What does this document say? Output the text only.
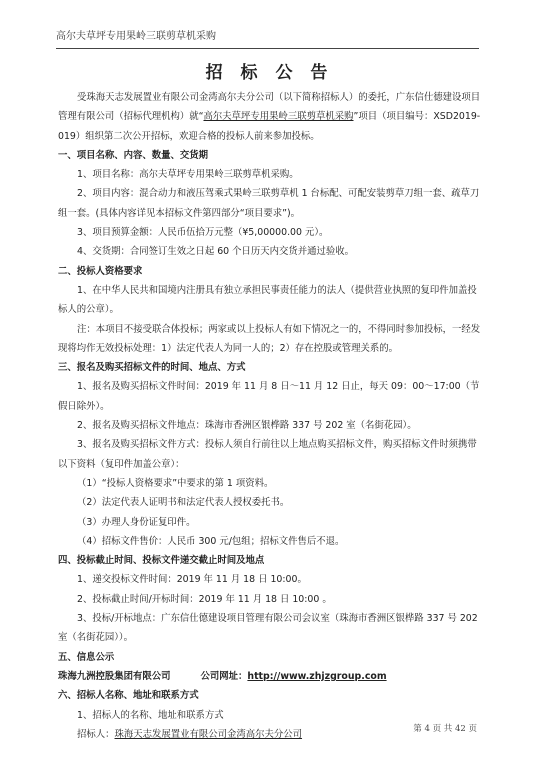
高尔夫草坪专用果岭三联剪草机采购
招 标 公 告

受珠海天志发展置业有限公司金湾高尔夫分公司（以下简称招标人）的委托，广东信仕德建设项目管理有限公司（招标代理机构）就“高尔夫草坪专用果岭三联剪草机采购”项目（项目编号：XSD2019-019）组织第二次公开招标，欢迎合格的投标人前来参加投标。

一、项目名称、内容、数量、交货期

1、项目名称：高尔夫草坪专用果岭三联剪草机采购。

2、项目内容：混合动力和液压驾乘式果岭三联剪草机 1 台标配、可配安装剪草刀组一套、疏草刀组一套。(具体内容详见本招标文件第四部分“项目要求”)。

3、项目预算金额：人民币伍拾万元整（¥5,00000.00 元）。

4、交货期：合同签订生效之日起 60 个日历天内交货并通过验收。

二、投标人资格要求

1、在中华人民共和国境内注册具有独立承担民事责任能力的法人（提供营业执照的复印件加盖投标人的公章）。

注：本项目不接受联合体投标；两家或以上投标人有如下情况之一的，不得同时参加投标，一经发现将均作无效投标处理：1）法定代表人为同一人的；2）存在控股或管理关系的。

三、报名及购买招标文件的时间、地点、方式

1、报名及购买招标文件时间：2019 年 11 月 8 日～11 月 12 日止，每天 09：00～17:00（节假日除外）。

2、报名及购买招标文件地点：珠海市香洲区银桦路 337 号 202 室（名街花园）。

3、报名及购买招标文件方式：投标人须自行前往以上地点购买招标文件，购买招标文件时须携带以下资料（复印件加盖公章）：

（1）“投标人资格要求”中要求的第 1 项资料。

（2）法定代表人证明书和法定代表人授权委托书。

（3）办理人身份证复印件。

（4）招标文件售价：人民币 300 元/包组；招标文件售后不退。

四、投标截止时间、投标文件递交截止时间及地点

1、递交投标文件时间：2019 年 11 月 18 日 10:00。

2、投标截止时间/开标时间：2019 年 11 月 18 日 10:00 。

3、投标/开标地点：广东信仕德建设项目管理有限公司会议室（珠海市香洲区银桦路 337 号 202 室（名街花园））。

五、信息公示

珠海九洲控股集团有限公司	公司网址：http://www.zhjzgroup.com

六、招标人名称、地址和联系方式

1、招标人的名称、地址和联系方式

招标人：珠海天志发展置业有限公司金湾高尔夫分公司	第 4 页 共 42 页
